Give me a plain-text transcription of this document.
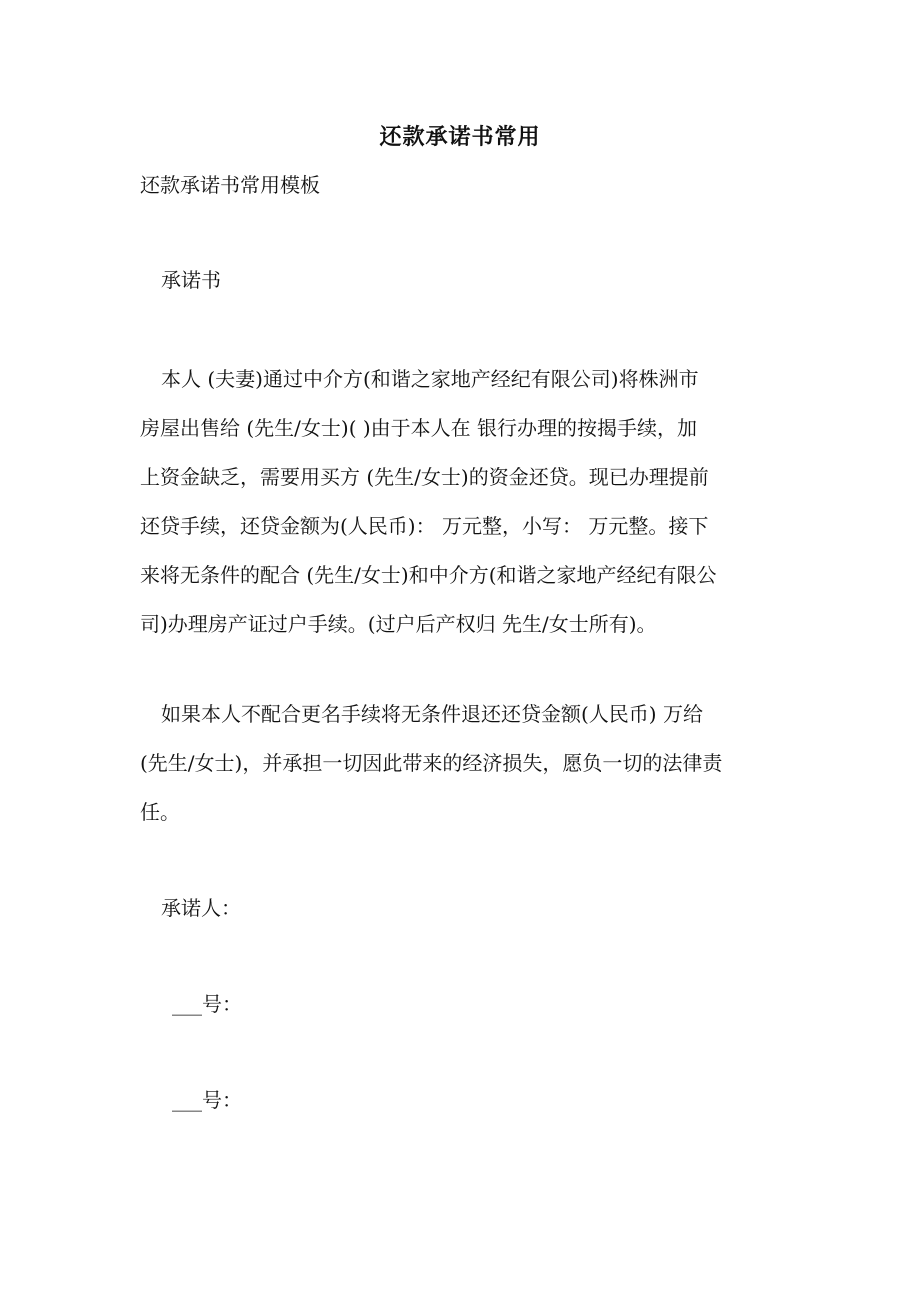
还款承诺书常用
还款承诺书常用模板
承诺书
本人 (夫妻)通过中介方(和谐之家地产经纪有限公司)将株洲市
房屋出售给 (先生/女士)( )由于本人在 银行办理的按揭手续，加
上资金缺乏，需要用买方 (先生/女士)的资金还贷。现已办理提前
还贷手续，还贷金额为(人民币)： 万元整，小写： 万元整。接下
来将无条件的配合 (先生/女士)和中介方(和谐之家地产经纪有限公
司)办理房产证过户手续。(过户后产权归 先生/女士所有)。
如果本人不配合更名手续将无条件退还还贷金额(人民币) 万给
(先生/女士)，并承担一切因此带来的经济损失，愿负一切的法律责
任。
承诺人：
___号：
___号：
